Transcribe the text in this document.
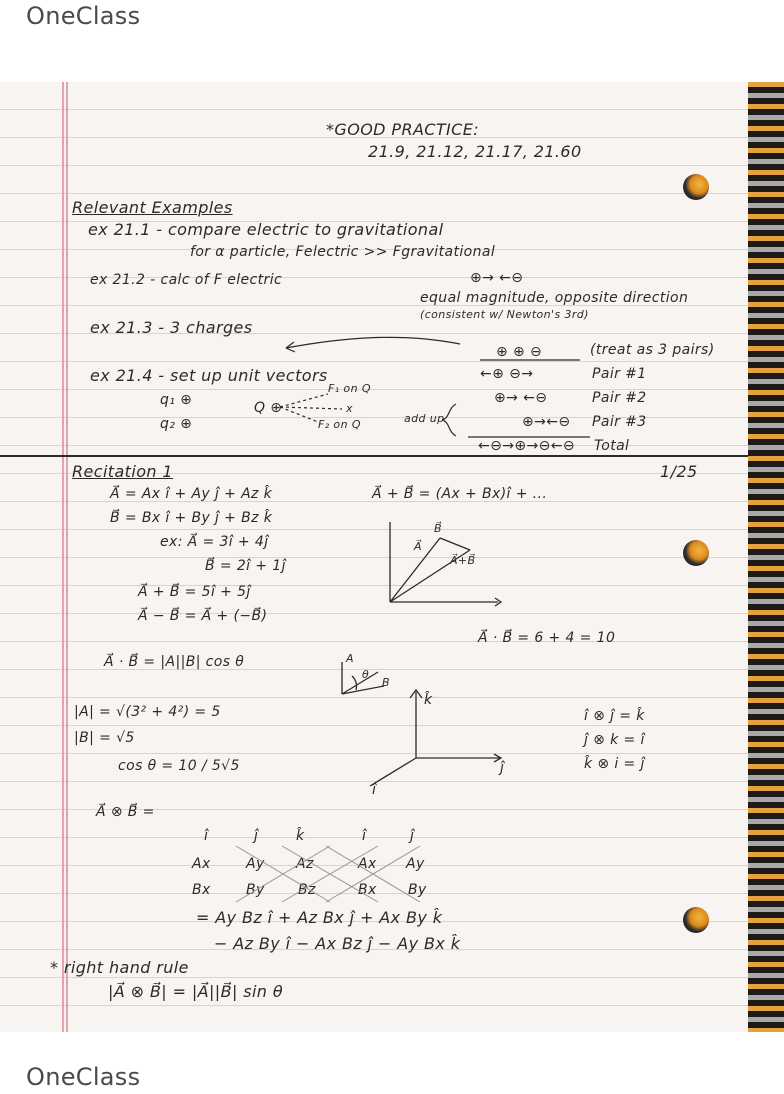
OneClass
*GOOD PRACTICE:
21.9, 21.12, 21.17, 21.60
Relevant Examples
ex 21.1 - compare electric to gravitational
for α particle, Felectric >> Fgravitational
ex 21.2 - calc of F electric	⊕→ ←⊖
equal magnitude, opposite direction
(consistent w/ Newton's 3rd)
ex 21.3 - 3 charges
⊕ ⊕ ⊖	(treat as 3 pairs)
ex 21.4 - set up unit vectors
q₁ ⊕
q₂ ⊕
Q ⊕
F₁ on Q
x
F₂ on Q	add up
←⊕ ⊖→	Pair #1
⊕→ ←⊖	Pair #2
⊕→←⊖ Pair #3
←⊖→⊕→⊖←⊖ Total
Recitation 1	1/25
A⃗ = Ax î + Ay ĵ + Az k̂
B⃗ = Bx î + By ĵ + Bz k̂
ex: A⃗ = 3î + 4ĵ
B⃗ = 2î + 1ĵ
A⃗ + B⃗ = 5î + 5ĵ
A⃗ − B⃗ = A⃗ + (−B⃗)
A⃗ + B⃗ = (Ax + Bx)î + ...
B⃗
A⃗
A⃗+B⃗
A⃗ · B⃗ = |A||B| cos θ
A⃗ · B⃗ = 6 + 4 = 10
A
θ
B
|A| = √(3² + 4²) = 5
|B| = √5
cos θ = 10 / 5√5
k̂
ĵ
î
î ⊗ ĵ = k̂
ĵ ⊗ k = î
k̂ ⊗ i = ĵ
A⃗ ⊗ B⃗ =
î	ĵ	k̂	î	ĵ
Ax	Ay Az	Ax Ay
Bx	By Bz	Bx By
= Ay Bz î + Az Bx ĵ + Ax By k̂
− Az By î − Ax Bz ĵ − Ay Bx k̂
* right hand rule
|A⃗ ⊗ B⃗| = |A⃗||B⃗| sin θ
OneClass
